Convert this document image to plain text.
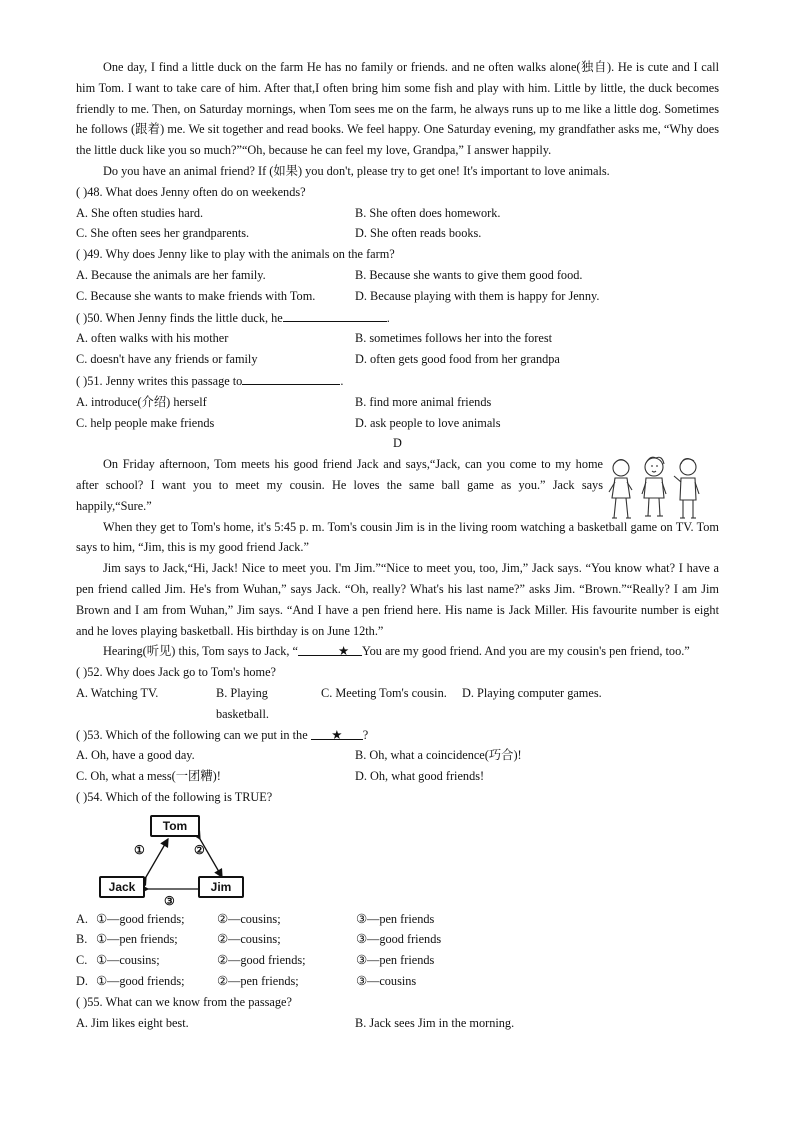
One day, I find a little duck on the farm He has no family or friends. and ne often walks alone(独自). He is cute and I call him Tom. I want to take care of him. After that,I often bring him some fish and play with him. Little by little, the duck becomes friendly to me. Then, on Saturday mornings, when Tom sees me on the farm, he always runs up to me like a little dog. Sometimes he follows (跟着) me. We sit together and read books. We feel happy. One Saturday evening, my grandfather asks me, “Why does the little duck like you so much?”“Oh, because he can feel my love, Grandpa,” I answer happily.

Do you have an animal friend? If (如果) you don't, please try to get one! It's important to love animals.

( )48. What does Jenny often do on weekends?

A. She often studies hard.	B. She often does homework.
C. She often sees her grandparents.	D. She often reads books.

( )49. Why does Jenny like to play with the animals on the farm?

A. Because the animals are her family.	B. Because she wants to give them good food.
C. Because she wants to make friends with Tom.	D. Because playing with them is happy for Jenny.

( )50. When Jenny finds the little duck, he	.

A. often walks with his mother	B. sometimes follows her into the forest
C. doesn't have any friends or family	D. often gets good food from her grandpa

( )51. Jenny writes this passage to	.

A. introduce(介绍) herself	B. find more animal friends
C. help people make friends	D. ask people to love animals

D

On Friday afternoon, Tom meets his good friend Jack and says,“Jack, can you come to my home after school? I want you to meet my cousin. He loves the same ball game as you.” Jack says happily,“Sure.”

When they get to Tom's home, it's 5:45 p. m. Tom's cousin Jim is in the living room watching a basketball game on TV. Tom says to him, “Jim, this is my good friend Jack.”

Jim says to Jack,“Hi, Jack! Nice to meet you. I'm Jim.”“Nice to meet you, too, Jim,” Jack says. “You know what? I have a pen friend called Jim. He's from Wuhan,” says Jack. “Oh, really? What's his last name?” asks Jim. “Brown.”“Really? I am Jim Brown and I am from Wuhan,” Jim says. “And I have a pen friend here. His name is Jack Miller. His favourite number is eight and he loves playing basketball. His birthday is on June 12th.”

Hearing(听见) this, Tom says to Jack, “	★ You are my good friend. And you are my cousin's pen friend, too.”

( )52. Why does Jack go to Tom's home?

A. Watching TV.	B. Playing basketball.
C. Meeting Tom's cousin.	D. Playing computer games.

( )53. Which of the following can we put in the ★ ?

A. Oh, have a good day.	B. Oh, what a coincidence(巧合)!
C. Oh, what a mess(一团糟)!	D. Oh, what good friends!

( )54. Which of the following is TRUE?

Tom
Jack	Jim
①	②
③
A. ①—good friends;	②—cousins;	③—pen friends
B. ①—pen friends;	②—cousins;	③—good friends
C. ①—cousins;	②—good friends;	③—pen friends
D. ①—good friends;	②—pen friends;	③—cousins

( )55. What can we know from the passage?

A. Jim likes eight best.	B. Jack sees Jim in the morning.
